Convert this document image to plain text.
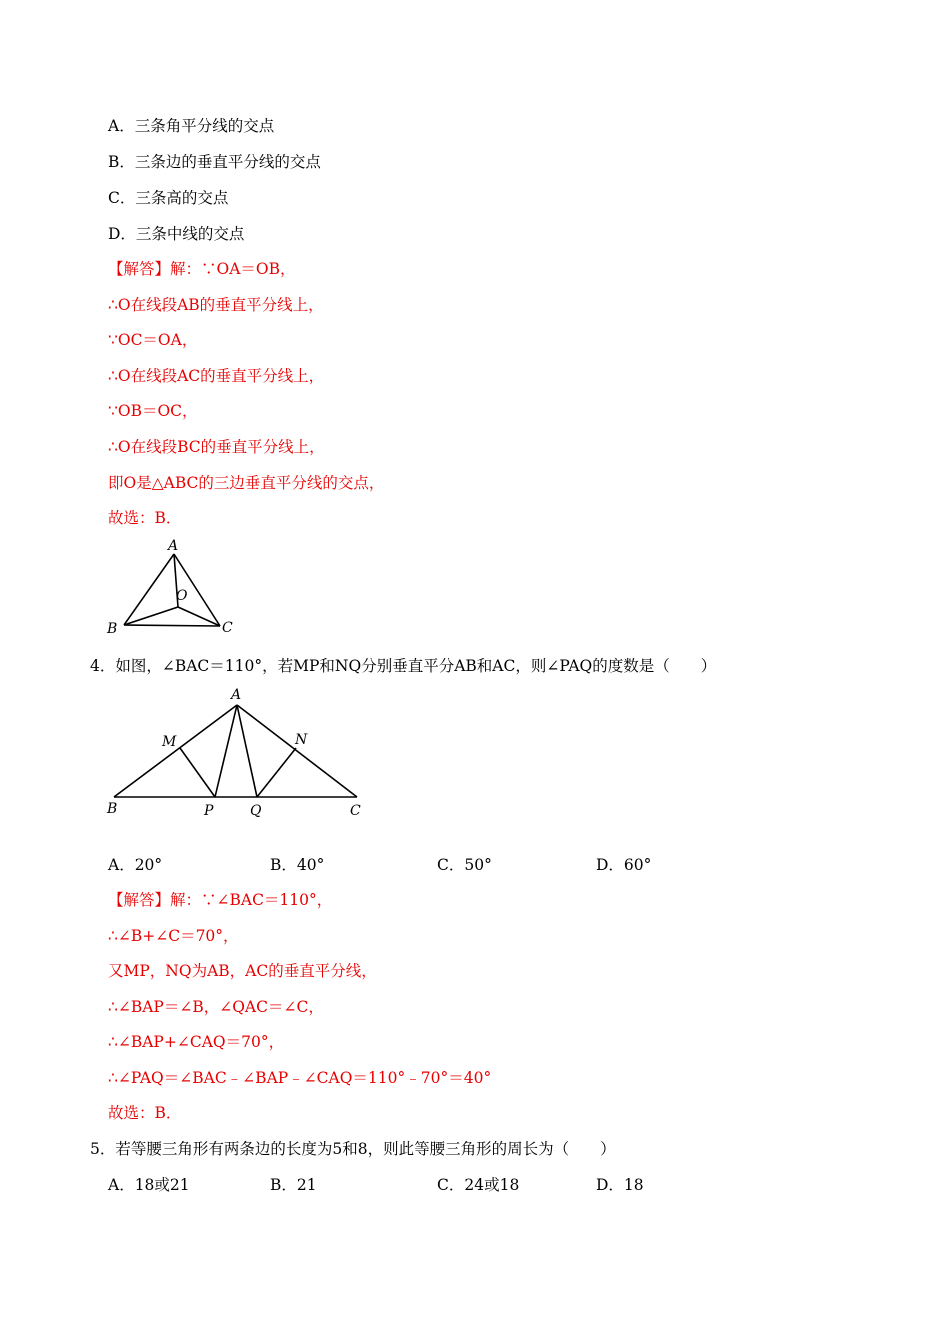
A．三条角平分线的交点
B．三条边的垂直平分线的交点
C．三条高的交点
D．三条中线的交点
【解答】解：∵OA＝OB，
∴O在线段AB的垂直平分线上，
∵OC＝OA，
∴O在线段AC的垂直平分线上，
∵OB＝OC，
∴O在线段BC的垂直平分线上，
即O是△ABC的三边垂直平分线的交点，
故选：B．
A
O
B	C
4．如图，∠BAC＝110°，若MP和NQ分别垂直平分AB和AC，则∠PAQ的度数是（　　）
A
M	N
B	P	Q	C
A．20°	B．40°	C．50°	D．60°
【解答】解：∵∠BAC＝110°，
∴∠B+∠C＝70°，
又MP，NQ为AB，AC的垂直平分线，
∴∠BAP＝∠B，∠QAC＝∠C，
∴∠BAP+∠CAQ＝70°，
∴∠PAQ＝∠BAC﹣∠BAP﹣∠CAQ＝110°﹣70°＝40°
故选：B．
5．若等腰三角形有两条边的长度为5和8，则此等腰三角形的周长为（　　）
A．18或21	B．21	C．24或18	D．18
